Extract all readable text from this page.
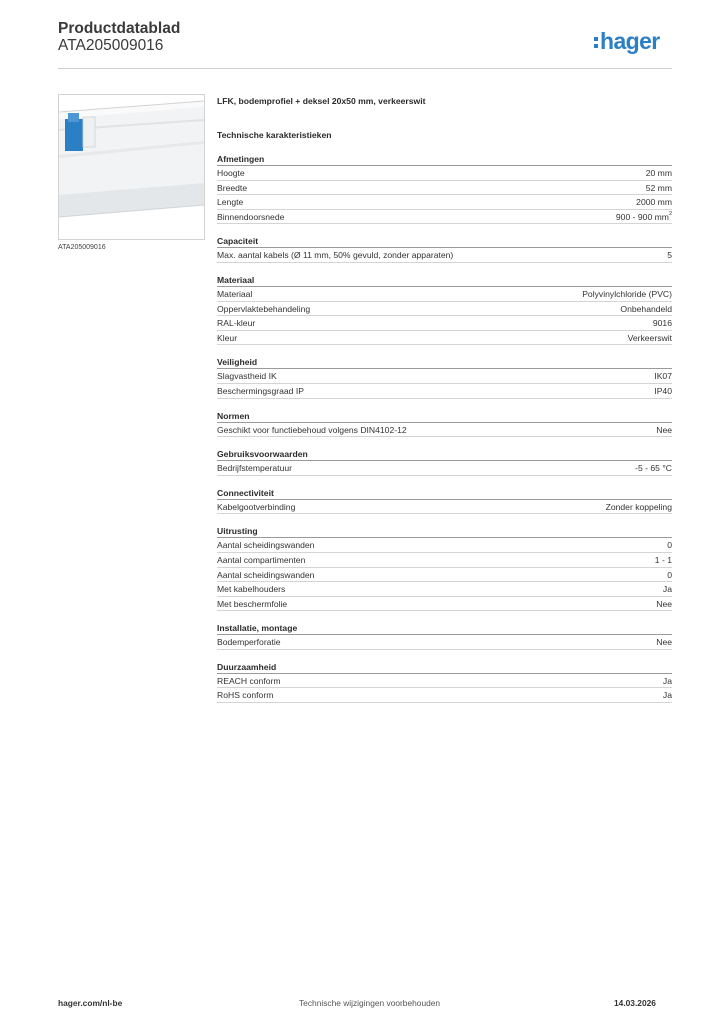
Productdatablad
ATA205009016	hager
ATA205009016
LFK, bodemprofiel + deksel 20x50 mm, verkeerswit
Technische karakteristieken
Afmetingen
Hoogte	20 mm
Breedte	52 mm
Lengte	2000 mm
Binnendoorsnede	900 - 900 $mm^2$
Capaciteit
Max. aantal kabels (Ø 11 mm, 50% gevuld, zonder apparaten)	5
Materiaal
Materiaal	Polyvinylchloride (PVC)
Oppervlaktebehandeling	Onbehandeld
RAL-kleur	9016
Kleur	Verkeerswit
Veiligheid
Slagvastheid IK	IK07
Beschermingsgraad IP	IP40
Normen
Geschikt voor functiebehoud volgens DIN4102-12	Nee
Gebruiksvoorwaarden
Bedrijfstemperatuur	-5 - 65 °C
Connectiviteit
Kabelgootverbinding	Zonder koppeling
Uitrusting
Aantal scheidingswanden	0
Aantal compartimenten	1 - 1
Aantal scheidingswanden	0
Met kabelhouders	Ja
Met beschermfolie	Nee
Installatie, montage
Bodemperforatie	Nee
Duurzaamheid
REACH conform	Ja
RoHS conform	Ja
hager.com/nl-be	Technische wijzigingen voorbehouden	14.03.2026
